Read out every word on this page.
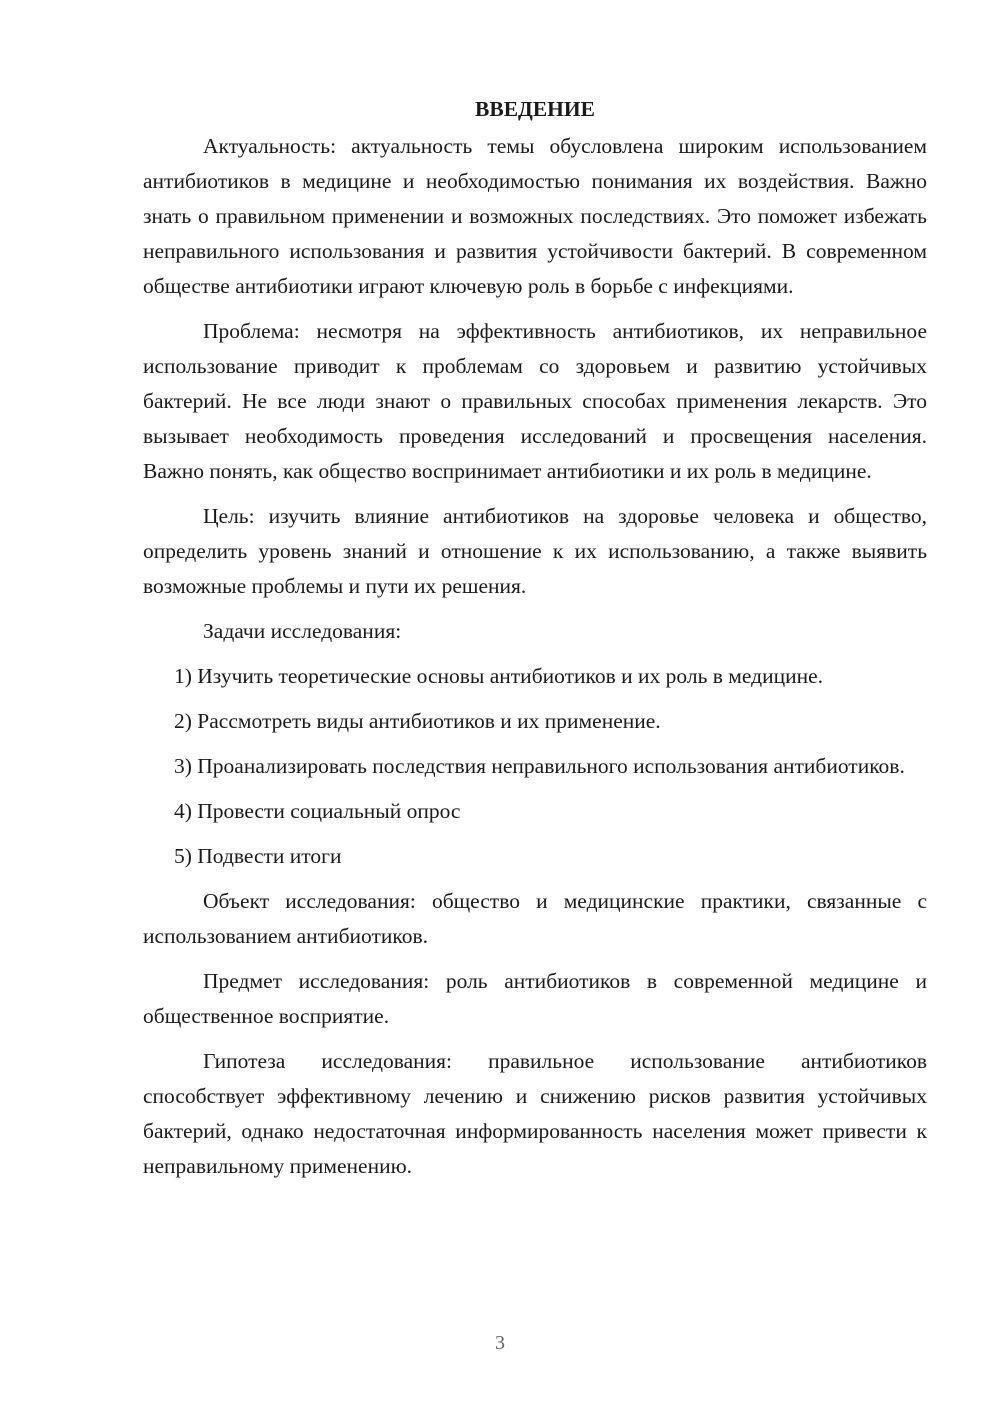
ВВЕДЕНИЕ

Актуальность: актуальность темы обусловлена широким использованием антибиотиков в медицине и необходимостью понимания их воздействия. Важно знать о правильном применении и возможных последствиях. Это поможет избежать неправильного использования и развития устойчивости бактерий. В современном обществе антибиотики играют ключевую роль в борьбе с инфекциями.

Проблема: несмотря на эффективность антибиотиков, их неправильное использование приводит к проблемам со здоровьем и развитию устойчивых бактерий. Не все люди знают о правильных способах применения лекарств. Это вызывает необходимость проведения исследований и просвещения населения. Важно понять, как общество воспринимает антибиотики и их роль в медицине.

Цель: изучить влияние антибиотиков на здоровье человека и общество, определить уровень знаний и отношение к их использованию, а также выявить возможные проблемы и пути их решения.

Задачи исследования:

1) Изучить теоретические основы антибиотиков и их роль в медицине.

2) Рассмотреть виды антибиотиков и их применение.

3) Проанализировать последствия неправильного использования антибиотиков.

4) Провести социальный опрос

5) Подвести итоги

Объект исследования: общество и медицинские практики, связанные с использованием антибиотиков.

Предмет исследования: роль антибиотиков в современной медицине и общественное восприятие.

Гипотеза исследования: правильное использование антибиотиков способствует эффективному лечению и снижению рисков развития устойчивых бактерий, однако недостаточная информированность населения может привести к неправильному применению.

3
